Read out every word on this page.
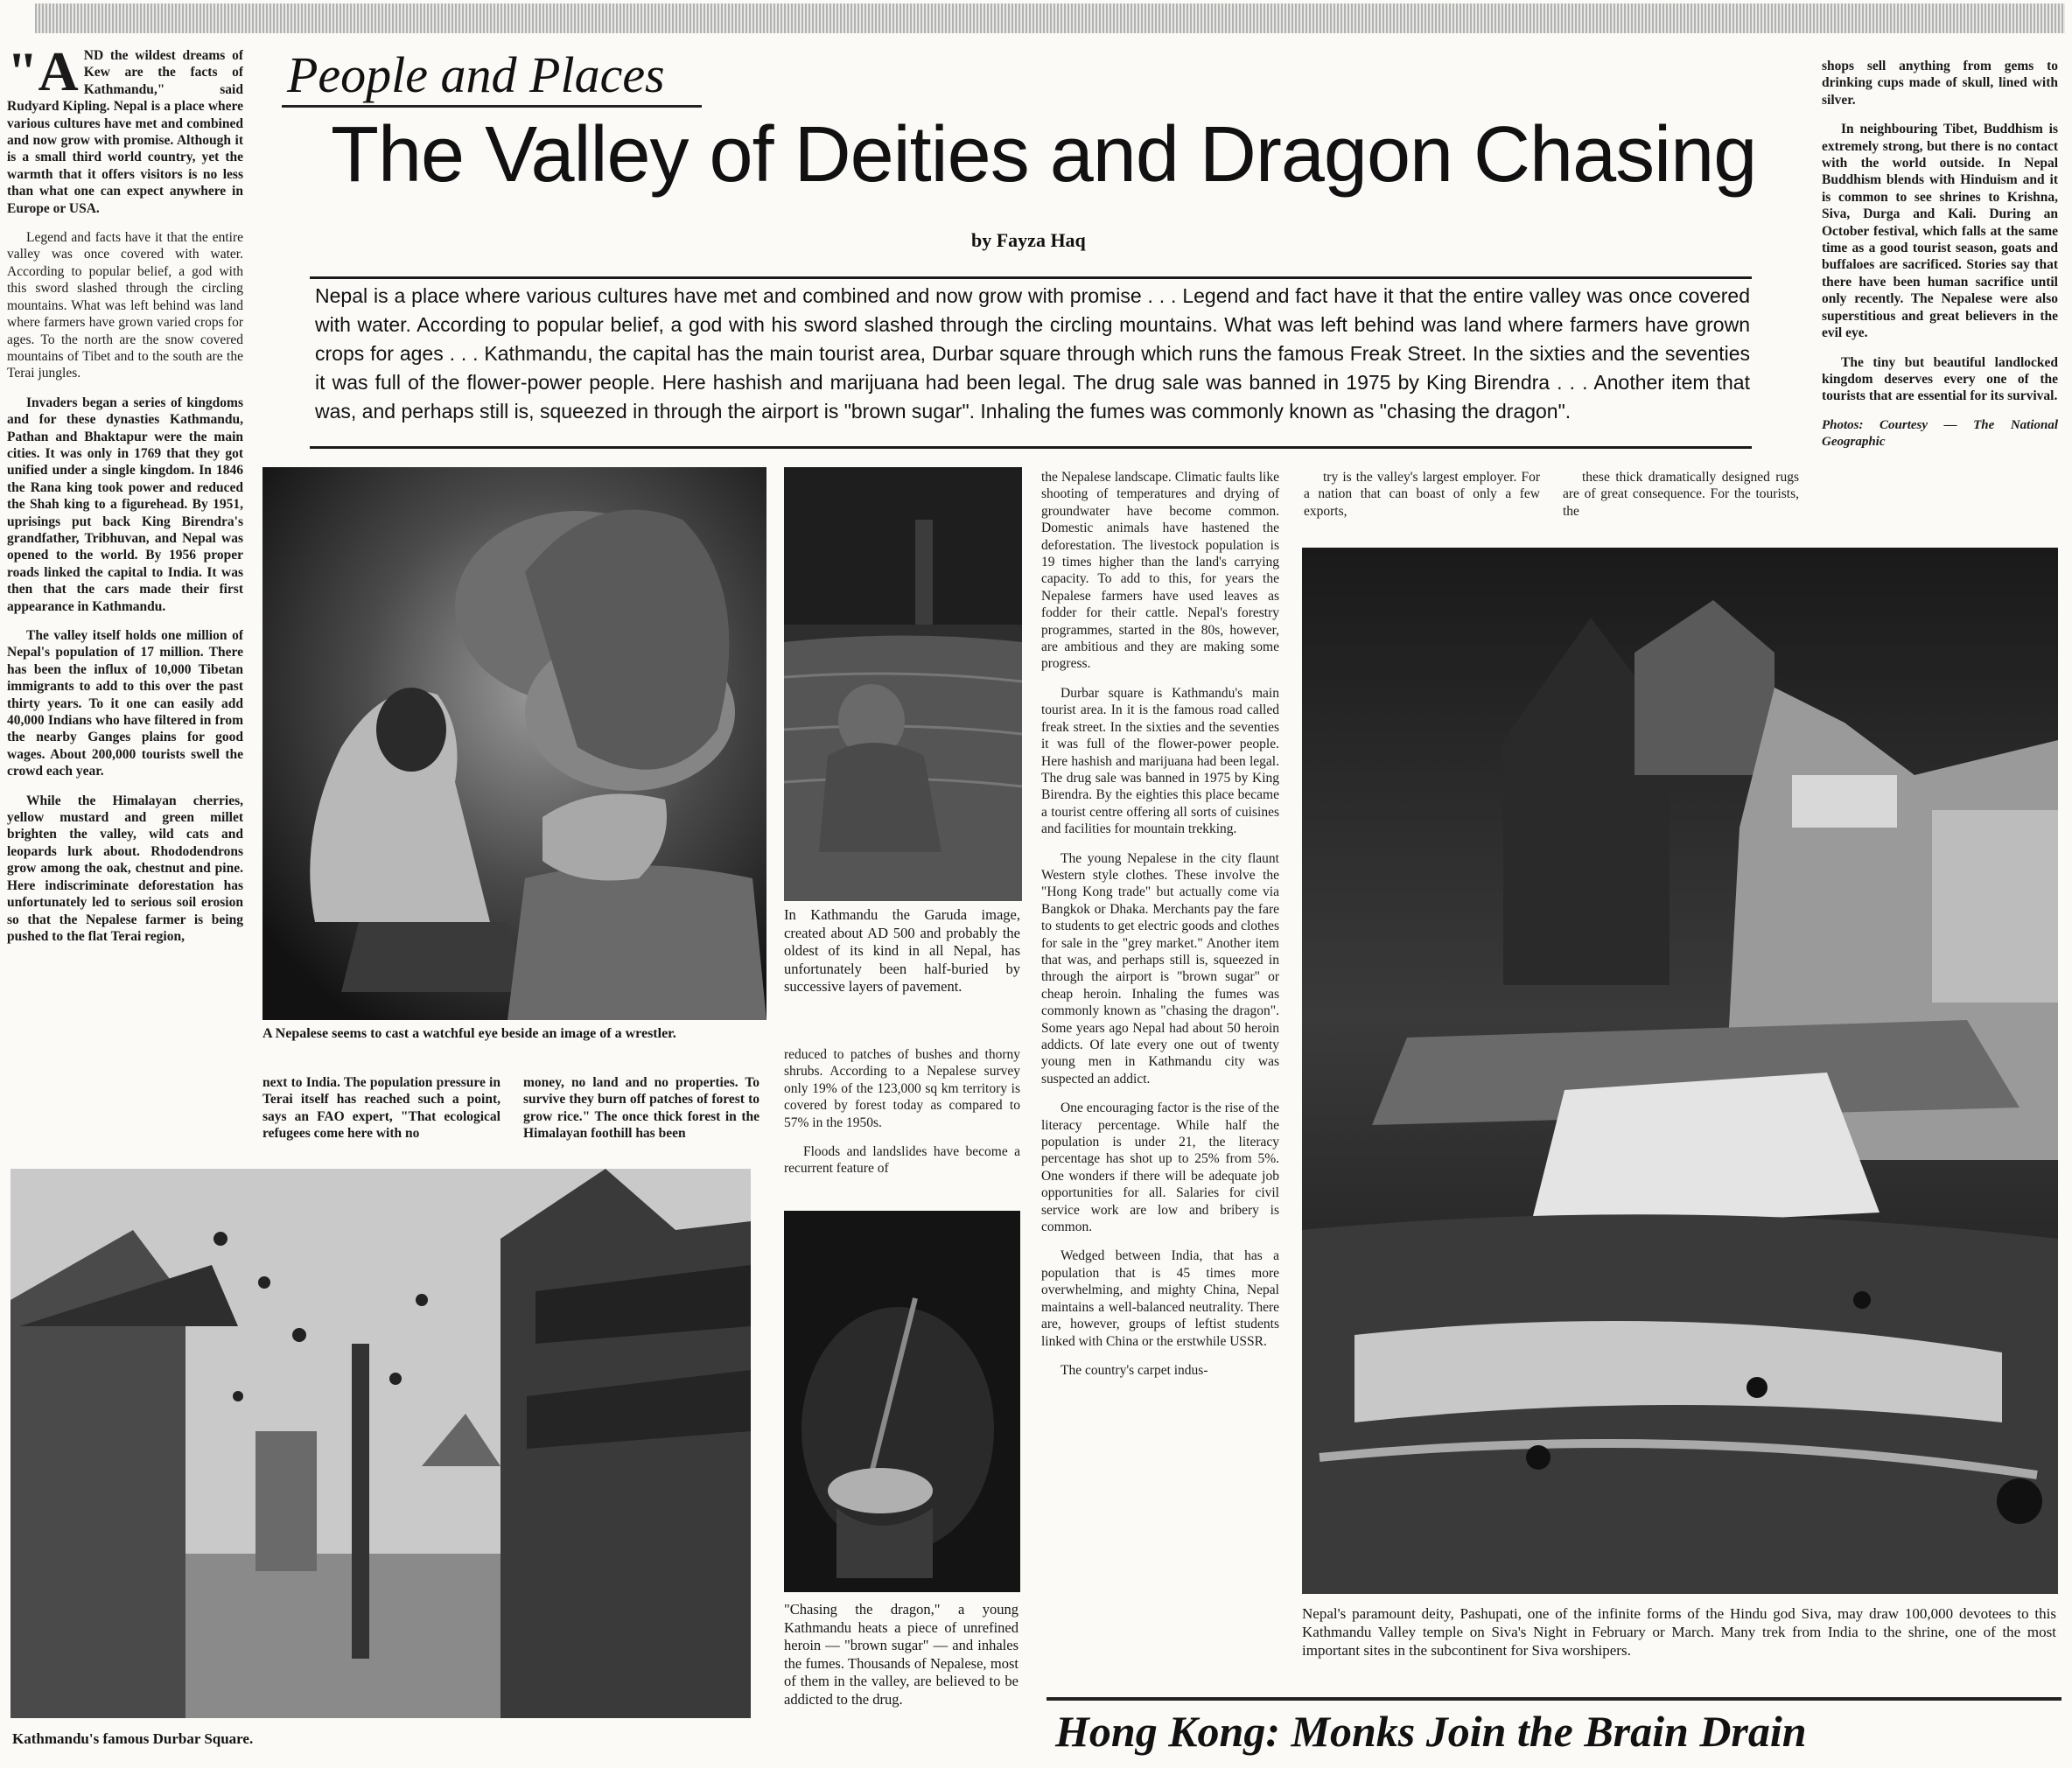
"A ND the wildest dreams of Kew are the facts of Kathmandu," said Rudyard Kipling. Nepal is a place where various cultures have met and combined and now grow with promise. Although it is a small third world country, yet the warmth that it offers visitors is no less than what one can expect anywhere in Europe or USA.

Legend and facts have it that the entire valley was once covered with water. According to popular belief, a god with this sword slashed through the circling mountains. What was left behind was land where farmers have grown varied crops for ages. To the north are the snow covered mountains of Tibet and to the south are the Terai jungles.

Invaders began a series of kingdoms and for these dynasties Kathmandu, Pathan and Bhaktapur were the main cities. It was only in 1769 that they got unified under a single kingdom. In 1846 the Rana king took power and reduced the Shah king to a figurehead. By 1951, uprisings put back King Birendra's grandfather, Tribhuvan, and Nepal was opened to the world. By 1956 proper roads linked the capital to India. It was then that the cars made their first appearance in Kathmandu.

The valley itself holds one million of Nepal's population of 17 million. There has been the influx of 10,000 Tibetan immigrants to add to this over the past thirty years. To it one can easily add 40,000 Indians who have filtered in from the nearby Ganges plains for good wages. About 200,000 tourists swell the crowd each year.

While the Himalayan cherries, yellow mustard and green millet brighten the valley, wild cats and leopards lurk about. Rhododendrons grow among the oak, chestnut and pine. Here indiscriminate deforestation has unfortunately led to serious soil erosion so that the Nepalese farmer is being pushed to the flat Terai region,

People and Places
The Valley of Deities and Dragon Chasing
by Fayza Haq
Nepal is a place where various cultures have met and combined and now grow with promise . . . Legend and fact have it that the entire valley was once covered with water. According to popular belief, a god with his sword slashed through the circling mountains. What was left behind was land where farmers have grown crops for ages . . . Kathmandu, the capital has the main tourist area, Durbar square through which runs the famous Freak Street. In the sixties and the seventies it was full of the flower-power people. Here hashish and marijuana had been legal. The drug sale was banned in 1975 by King Birendra . . . Another item that was, and perhaps still is, squeezed in through the airport is "brown sugar". Inhaling the fumes was commonly known as "chasing the dragon".
A Nepalese seems to cast a watchful eye beside an image of a wrestler.

next to India. The population pressure in Terai itself has reached such a point, says an FAO expert, "That ecological refugees come here with no

money, no land and no properties. To survive they burn off patches of forest to grow rice." The once thick forest in the Himalayan foothill has been

In Kathmandu the Garuda image, created about AD 500 and probably the oldest of its kind in all Nepal, has unfortunately been half-buried by successive layers of pavement.

reduced to patches of bushes and thorny shrubs. According to a Nepalese survey only 19% of the 123,000 sq km territory is covered by forest today as compared to 57% in the 1950s.

Floods and landslides have become a recurrent feature of

"Chasing the dragon," a young Kathmandu heats a piece of unrefined heroin — "brown sugar" — and inhales the fumes. Thousands of Nepalese, most of them in the valley, are believed to be addicted to the drug.
Kathmandu's famous Durbar Square.

the Nepalese landscape. Climatic faults like shooting of temperatures and drying of groundwater have become common. Domestic animals have hastened the deforestation. The livestock population is 19 times higher than the land's carrying capacity. To add to this, for years the Nepalese farmers have used leaves as fodder for their cattle. Nepal's forestry programmes, started in the 80s, however, are ambitious and they are making some progress.

Durbar square is Kathmandu's main tourist area. In it is the famous road called freak street. In the sixties and the seventies it was full of the flower-power people. Here hashish and marijuana had been legal. The drug sale was banned in 1975 by King Birendra. By the eighties this place became a tourist centre offering all sorts of cuisines and facilities for mountain trekking.

The young Nepalese in the city flaunt Western style clothes. These involve the "Hong Kong trade" but actually come via Bangkok or Dhaka. Merchants pay the fare to students to get electric goods and clothes for sale in the "grey market." Another item that was, and perhaps still is, squeezed in through the airport is "brown sugar" or cheap heroin. Inhaling the fumes was commonly known as "chasing the dragon". Some years ago Nepal had about 50 heroin addicts. Of late every one out of twenty young men in Kathmandu city was suspected an addict.

One encouraging factor is the rise of the literacy percentage. While half the population is under 21, the literacy percentage has shot up to 25% from 5%. One wonders if there will be adequate job opportunities for all. Salaries for civil service work are low and bribery is common.

Wedged between India, that has a population that is 45 times more overwhelming, and mighty China, Nepal maintains a well-balanced neutrality. There are, however, groups of leftist students linked with China or the erstwhile USSR.

The country's carpet indus-

try is the valley's largest employer. For a nation that can boast of only a few exports,

these thick dramatically designed rugs are of great consequence. For the tourists, the

shops sell anything from gems to drinking cups made of skull, lined with silver.

In neighbouring Tibet, Buddhism is extremely strong, but there is no contact with the world outside. In Nepal Buddhism blends with Hinduism and it is common to see shrines to Krishna, Siva, Durga and Kali. During an October festival, which falls at the same time as a good tourist season, goats and buffaloes are sacrificed. Stories say that there have been human sacrifice until only recently. The Nepalese were also superstitious and great believers in the evil eye.

The tiny but beautiful landlocked kingdom deserves every one of the tourists that are essential for its survival.

Photos: Courtesy — The National Geographic

Nepal's paramount deity, Pashupati, one of the infinite forms of the Hindu god Siva, may draw 100,000 devotees to this Kathmandu Valley temple on Siva's Night in February or March. Many trek from India to the shrine, one of the most important sites in the subcontinent for Siva worshipers.
Hong Kong: Monks Join the Brain Drain
